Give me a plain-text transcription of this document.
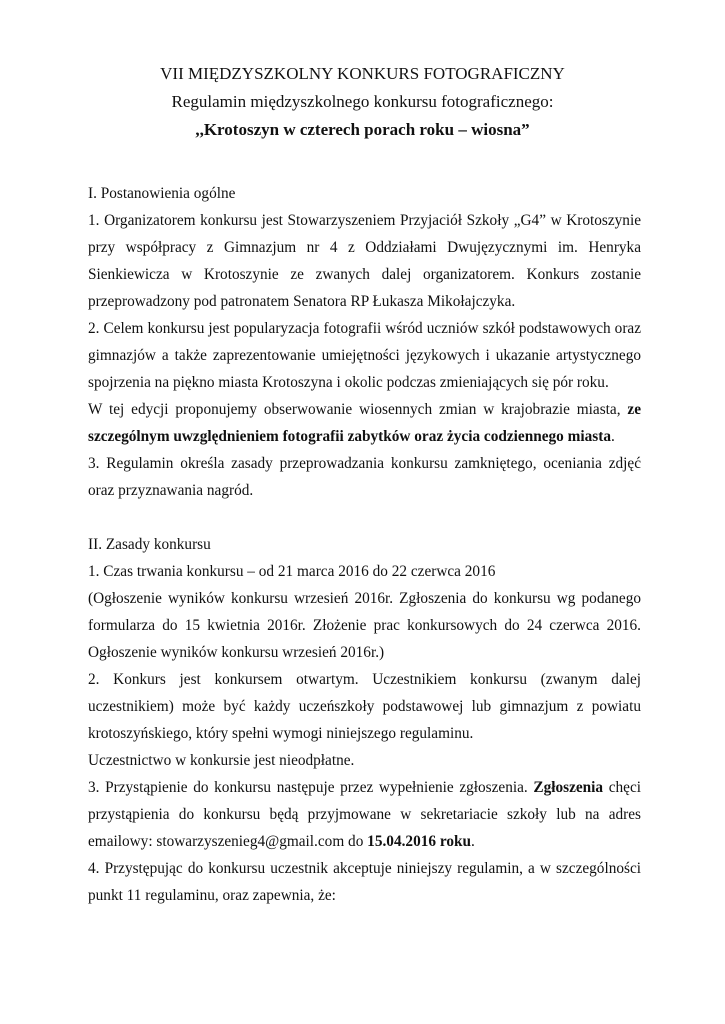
VII MIĘDZYSZKOLNY KONKURS FOTOGRAFICZNY
Regulamin międzyszkolnego konkursu fotograficznego:
,,Krotoszyn w czterech porach roku – wiosna”

I. Postanowienia ogólne

1. Organizatorem konkursu jest Stowarzyszeniem Przyjaciół Szkoły „G4” w Krotoszynie przy współpracy z Gimnazjum nr 4 z Oddziałami Dwujęzycznymi im. Henryka Sienkiewicza w Krotoszynie ze zwanych dalej organizatorem. Konkurs zostanie przeprowadzony pod patronatem Senatora RP Łukasza Mikołajczyka.

2. Celem konkursu jest popularyzacja fotografii wśród uczniów szkół podstawowych oraz gimnazjów a także zaprezentowanie umiejętności językowych i ukazanie artystycznego spojrzenia na piękno miasta Krotoszyna i okolic podczas zmieniających się pór roku.

W tej edycji proponujemy obserwowanie wiosennych zmian w krajobrazie miasta, ze szczególnym uwzględnieniem fotografii zabytków oraz życia codziennego miasta.

3. Regulamin określa zasady przeprowadzania konkursu zamkniętego, oceniania zdjęć oraz przyznawania nagród.

II. Zasady konkursu

1. Czas trwania konkursu – od 21 marca 2016 do 22 czerwca 2016

(Ogłoszenie wyników konkursu wrzesień 2016r. Zgłoszenia do konkursu wg podanego formularza do 15 kwietnia 2016r. Złożenie prac konkursowych do 24 czerwca 2016. Ogłoszenie wyników konkursu wrzesień 2016r.)

2. Konkurs jest konkursem otwartym. Uczestnikiem konkursu (zwanym dalej uczestnikiem) może być każdy uczeńszkoły podstawowej lub gimnazjum z powiatu krotoszyńskiego, który spełni wymogi niniejszego regulaminu.

Uczestnictwo w konkursie jest nieodpłatne.

3. Przystąpienie do konkursu następuje przez wypełnienie zgłoszenia. Zgłoszenia chęci przystąpienia do konkursu będą przyjmowane w sekretariacie szkoły lub na adres emailowy: stowarzyszenieg4@gmail.com do 15.04.2016 roku.

4. Przystępując do konkursu uczestnik akceptuje niniejszy regulamin, a w szczególności punkt 11 regulaminu, oraz zapewnia, że:
